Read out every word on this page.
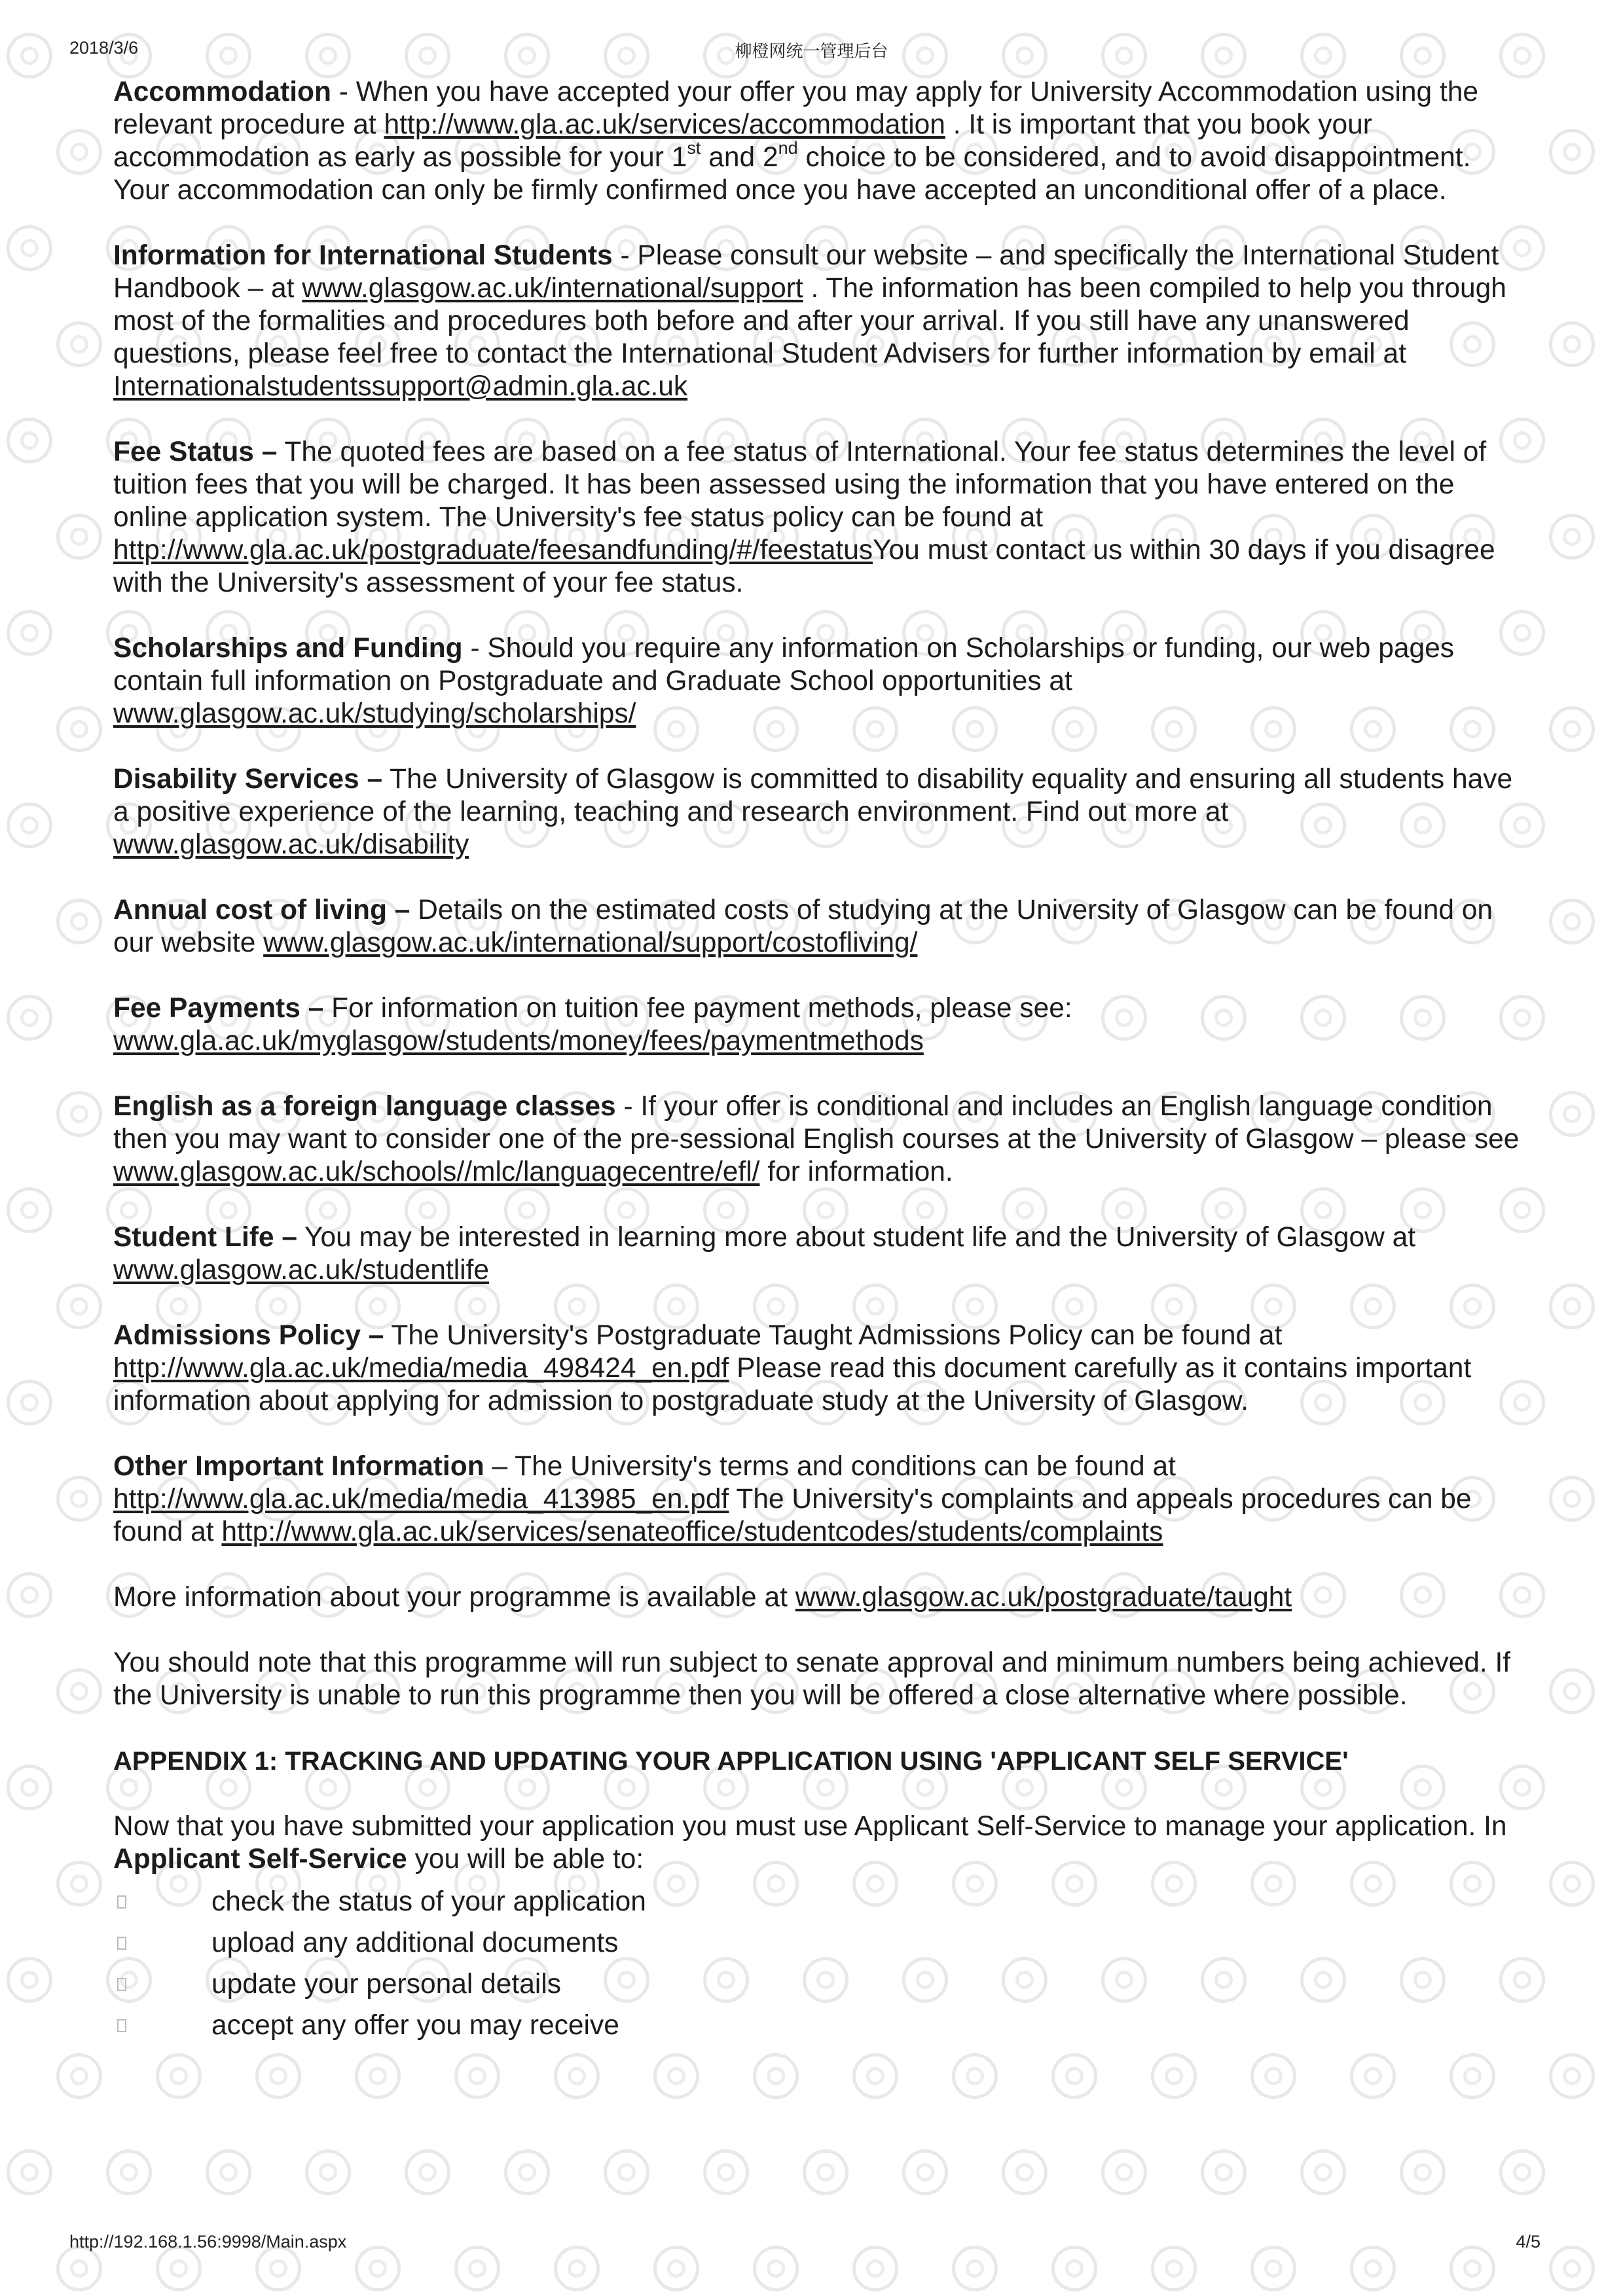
2018/3/6	柳橙网统一管理后台

Accommodation - When you have accepted your offer you may apply for University Accommodation using the relevant procedure at http://www.gla.ac.uk/services/accommodation . It is important that you book your accommodation as early as possible for your 1st and 2nd choice to be considered, and to avoid disappointment. Your accommodation can only be firmly confirmed once you have accepted an unconditional offer of a place.

Information for International Students - Please consult our website – and specifically the International Student Handbook – at www.glasgow.ac.uk/international/support . The information has been compiled to help you through most of the formalities and procedures both before and after your arrival. If you still have any unanswered questions, please feel free to contact the International Student Advisers for further information by email at Internationalstudentssupport@admin.gla.ac.uk

Fee Status – The quoted fees are based on a fee status of International. Your fee status determines the level of tuition fees that you will be charged. It has been assessed using the information that you have entered on the online application system. The University's fee status policy can be found at http://www.gla.ac.uk/postgraduate/feesandfunding/#/feestatusYou must contact us within 30 days if you disagree with the University's assessment of your fee status.

Scholarships and Funding - Should you require any information on Scholarships or funding, our web pages contain full information on Postgraduate and Graduate School opportunities at www.glasgow.ac.uk/studying/scholarships/

Disability Services – The University of Glasgow is committed to disability equality and ensuring all students have a positive experience of the learning, teaching and research environment. Find out more at www.glasgow.ac.uk/disability

Annual cost of living – Details on the estimated costs of studying at the University of Glasgow can be found on our website www.glasgow.ac.uk/international/support/costofliving/

Fee Payments – For information on tuition fee payment methods, please see: www.gla.ac.uk/myglasgow/students/money/fees/paymentmethods

English as a foreign language classes - If your offer is conditional and includes an English language condition then you may want to consider one of the pre-sessional English courses at the University of Glasgow – please see www.glasgow.ac.uk/schools//mlc/languagecentre/efl/ for information.

Student Life – You may be interested in learning more about student life and the University of Glasgow at www.glasgow.ac.uk/studentlife

Admissions Policy – The University's Postgraduate Taught Admissions Policy can be found at http://www.gla.ac.uk/media/media_498424_en.pdf Please read this document carefully as it contains important information about applying for admission to postgraduate study at the University of Glasgow.

Other Important Information – The University's terms and conditions can be found at http://www.gla.ac.uk/media/media_413985_en.pdf The University's complaints and appeals procedures can be found at http://www.gla.ac.uk/services/senateoffice/studentcodes/students/complaints

More information about your programme is available at www.glasgow.ac.uk/postgraduate/taught

You should note that this programme will run subject to senate approval and minimum numbers being achieved. If the University is unable to run this programme then you will be offered a close alternative where possible.

APPENDIX 1: TRACKING AND UPDATING YOUR APPLICATION USING 'APPLICANT SELF SERVICE'

Now that you have submitted your application you must use Applicant Self-Service to manage your application. In Applicant Self-Service you will be able to:

check the status of your application
upload any additional documents
update your personal details
accept any offer you may receive
http://192.168.1.56:9998/Main.aspx	4/5
